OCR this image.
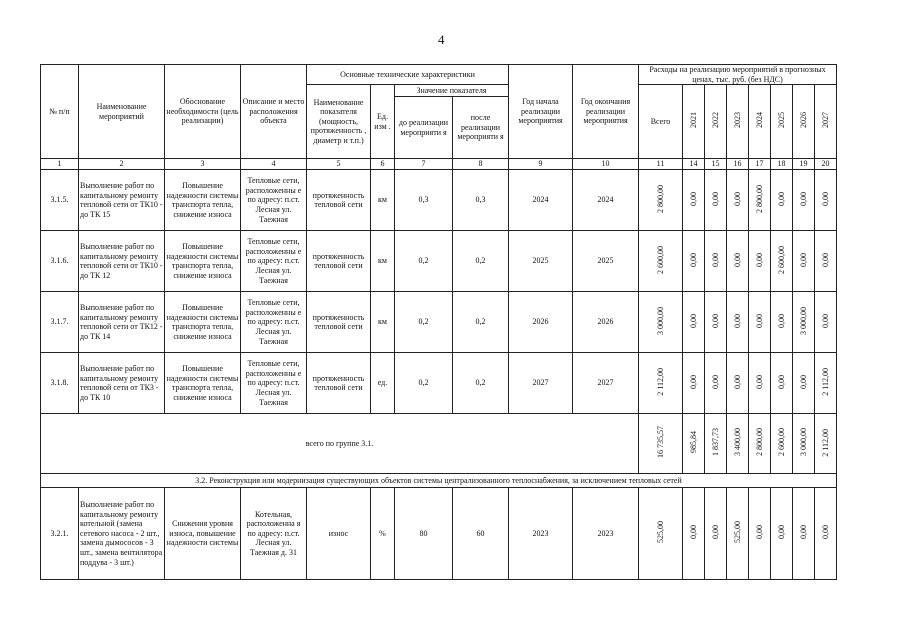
4
№ п/п	Наименование мероприятий	Обоснование необходимости (цель реализации)	Описание и место расположения объекта	Основные технические характеристики				Год начала реализации мероприятия	Год окончания реализации мероприятия	Расходы на реализацию мероприятий в прогнозных ценах, тыс. руб. (без НДС)							
				Наименование показателя (мощность, протяженность , диаметр и т.п.)	Ед. изм .	Значение показателя				Всего	2021	2022	2023	2024	2025	2026	2027
						до реализации мероприяти я	после реализации мероприяти я										
1	2	3	4	5	6	7	8	9	10	11	14	15	16	17	18	19	20
3.1.5.	Выполнение работ по капитальному ремонту тепловой сети от ТК10 - до ТК 15	Повышение надежности системы транспорта тепла, снижение износа	Тепловые сети, расположенны е по адресу: п.ст. Лесная ул. Таежная	протяженность тепловой сети	км	0,3	0,3	2024	2024	2 800,00	0,00	0,00	0,00	2 800,00	0,00	0,00	0,00
3.1.6.	Выполнение работ по капитальному ремонту тепловой сети от ТК10 - до ТК 12	Повышение надежности системы транспорта тепла, снижение износа	Тепловые сети, расположенны е по адресу: п.ст. Лесная ул. Таежная	протяженность тепловой сети	км	0,2	0,2	2025	2025	2 600,00	0,00	0,00	0,00	0,00	2 600,00	0,00	0,00
3.1.7.	Выполнение работ по капитальному ремонту тепловой сети от ТК12 - до ТК 14	Повышение надежности системы транспорта тепла, снижение износа	Тепловые сети, расположенны е по адресу: п.ст. Лесная ул. Таежная	протяженность тепловой сети	км	0,2	0,2	2026	2026	3 000,00	0,00	0,00	0,00	0,00	0,00	3 000,00	0,00
3.1.8.	Выполнение работ по капитальному ремонту тепловой сети от ТК3 - до ТК 10	Повышение надежности системы транспорта тепла, снижение износа	Тепловые сети, расположенны е по адресу: п.ст. Лесная ул. Таежная	протяженность тепловой сети	ед.	0,2	0,2	2027	2027	2 112,00	0,00	0,00	0,00	0,00	0,00	0,00	2 112,00
всего по группе 3.1.										16 735,57	985,84	1 837,73	3 400,00	2 800,00	2 600,00	3 000,00	2 112,00
3.2. Реконструкция или модернизация существующих объектов системы централизованного теплоснабжения, за исключением тепловых сетей																	
3.2.1.	Выполнение работ по капитальному ремонту котельной (замена сетевого насоса - 2 шт., замена дымососов - 3 шт., замена вентилятора поддува - 3 шт.)	Снижения уровня износа, повышение надежности системы	Котельная, расположенна я по адресу: п.ст. Лесная ул. Таежная д. 31	износ	%	80	60	2023	2023	525,00	0,00	0,00	525,00	0,00	0,00	0,00	0,00
